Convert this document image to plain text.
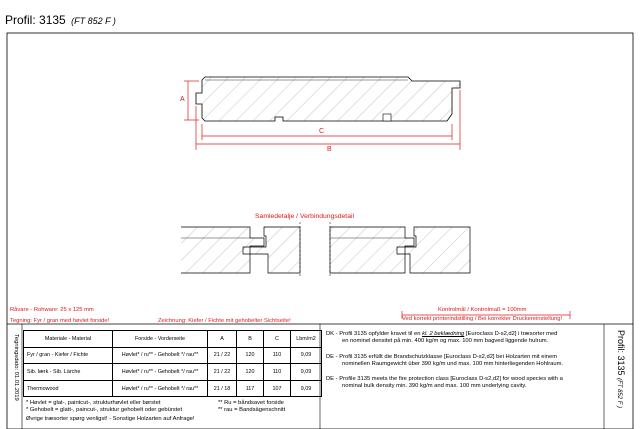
Profil: 3135 (FT 852 F )
A
C
B
Samledetalje / Verbindungsdetail
Kontrolmål / Kontrolmaß = 100mm
Ved korrekt printerindstilling / Bei korrekter Druckereinstellung!
Råvare - Rohware: 25 x 125 mm
Tegning: Fyr / gran med høvlet forside!	Zeichnung: Kiefer / Fichte mit gehobelter Sichtseite!
Tegningsdato: 01.01.2019	Materiale - Material	Forside - Vorderseite	A	B	C	Lbm/m2
Fyr / gran - Kiefer / Fichte	Høvlet* / ru** - Gehobelt */ rau**	21 / 22	120	110	9,09
Sib. lærk - Sib. Lärche	Høvlet* / ru** - Gehobelt */ rau**	21 / 22	120	110	9,09
Thermowood	Høvlet* / ru** - Gehobelt */ rau**	21 / 18	117	107	9,09
* Høvlet = glat-, paintcut-, strukturhøvlet eller børstet	** Ru = båndsavet forside
* Gehobelt = glatt-, paincut-, struktur gehobelt oder gebürstet	** rau = Bandsägenschnitt
Øvrige træsorter spørg venligst! - Sonstige Holzarten auf Anfrage!
DK - Profil 3135 opfylder kravet til en kl. 2 beklædning [Euroclass D-s2,d2] i træsorter med
en nominel densitet på min. 400 kg/m og max. 100 mm bagved liggende hulrum.
DE - Profil 3135 erfüllt die Brandschutzklasse [Euroclass D-s2,d2] bei Holzarten mit einem
nominellen Raumgewicht über 390 kg/m und max. 100 mm hinterliegenden Hohlraum.
DE - Profile 3135 meets the fire protection class [Euroclass D-s2,d2] for wood species with a
nominal bulk density min. 390 kg/m and max. 100 mm underlying cavity.
Profil: 3135 (FT 852 F )
